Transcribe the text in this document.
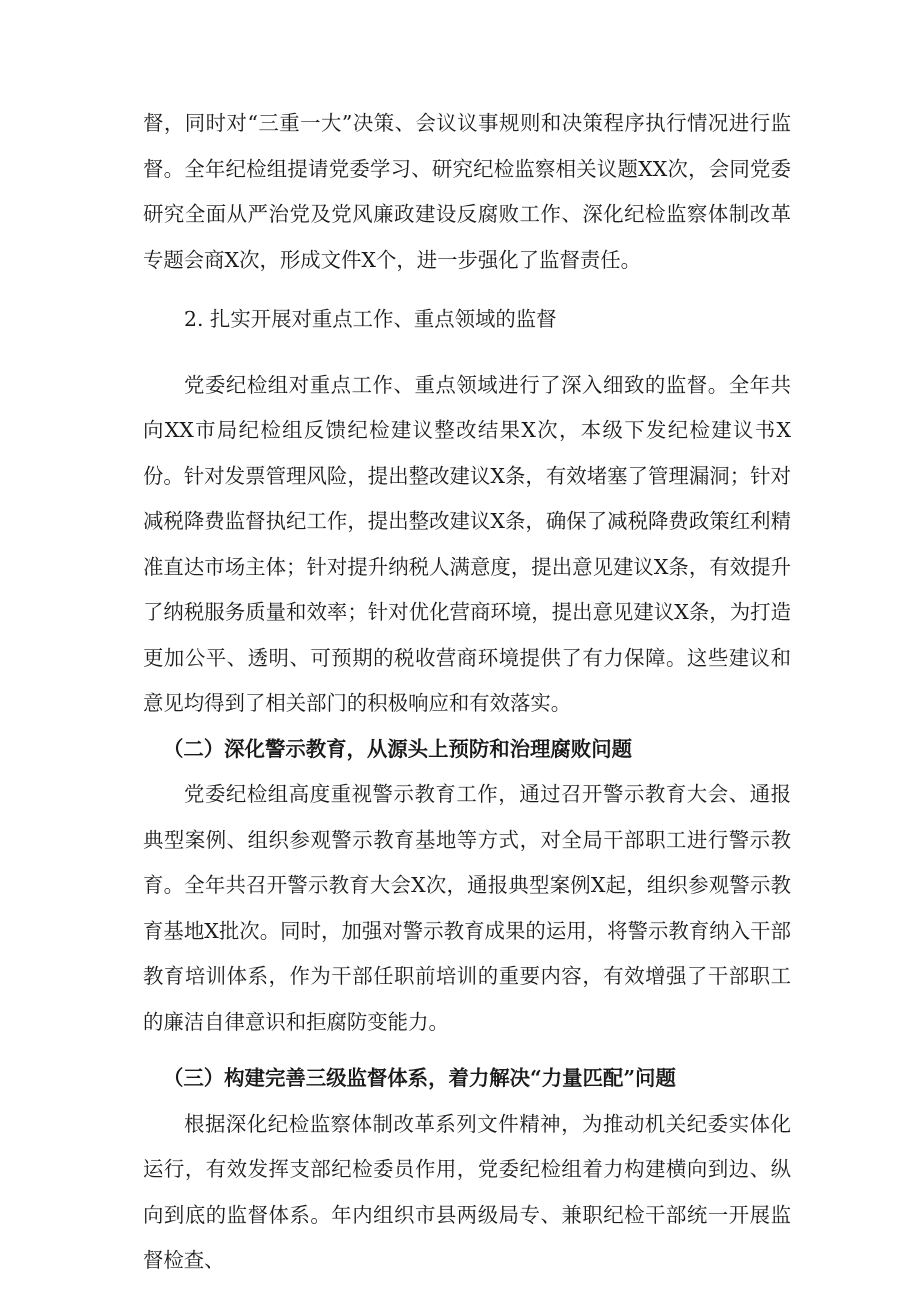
督，同时对“三重一大”决策、会议议事规则和决策程序执行情况进行监督。全年纪检组提请党委学习、研究纪检监察相关议题XX次，会同党委研究全面从严治党及党风廉政建设反腐败工作、深化纪检监察体制改革专题会商X次，形成文件X个，进一步强化了监督责任。

2. 扎实开展对重点工作、重点领域的监督

党委纪检组对重点工作、重点领域进行了深入细致的监督。全年共向XX市局纪检组反馈纪检建议整改结果X次，本级下发纪检建议书X份。针对发票管理风险，提出整改建议X条，有效堵塞了管理漏洞；针对减税降费监督执纪工作，提出整改建议X条，确保了减税降费政策红利精准直达市场主体；针对提升纳税人满意度，提出意见建议X条，有效提升了纳税服务质量和效率；针对优化营商环境，提出意见建议X条，为打造更加公平、透明、可预期的税收营商环境提供了有力保障。这些建议和意见均得到了相关部门的积极响应和有效落实。

（二）深化警示教育，从源头上预防和治理腐败问题

党委纪检组高度重视警示教育工作，通过召开警示教育大会、通报典型案例、组织参观警示教育基地等方式，对全局干部职工进行警示教育。全年共召开警示教育大会X次，通报典型案例X起，组织参观警示教育基地X批次。同时，加强对警示教育成果的运用，将警示教育纳入干部教育培训体系，作为干部任职前培训的重要内容，有效增强了干部职工的廉洁自律意识和拒腐防变能力。

（三）构建完善三级监督体系，着力解决“力量匹配”问题

根据深化纪检监察体制改革系列文件精神，为推动机关纪委实体化运行，有效发挥支部纪检委员作用，党委纪检组着力构建横向到边、纵向到底的监督体系。年内组织市县两级局专、兼职纪检干部统一开展监督检查、
